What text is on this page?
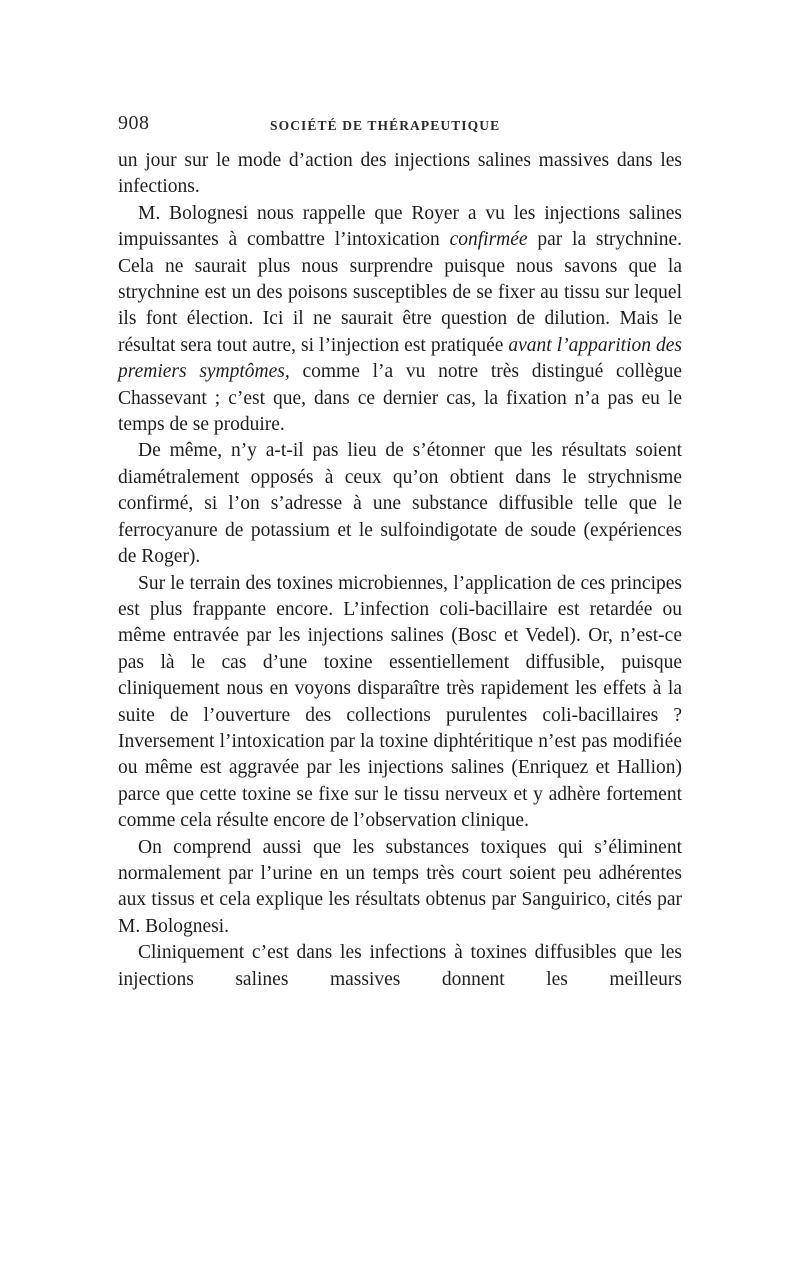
908	SOCIÉTÉ DE THÉRAPEUTIQUE

un jour sur le mode d’action des injections salines massives dans les infections.

M. Bolognesi nous rappelle que Royer a vu les injections salines impuissantes à combattre l’intoxication confirmée par la strychnine. Cela ne saurait plus nous surprendre puisque nous savons que la strychnine est un des poisons susceptibles de se fixer au tissu sur lequel ils font élection. Ici il ne saurait être question de dilution. Mais le résultat sera tout autre, si l’injection est pratiquée avant l’apparition des premiers symptômes, comme l’a vu notre très distingué collègue Chassevant ; c’est que, dans ce dernier cas, la fixation n’a pas eu le temps de se produire.

De même, n’y a-t-il pas lieu de s’étonner que les résultats soient diamétralement opposés à ceux qu’on obtient dans le strychnisme confirmé, si l’on s’adresse à une substance diffusible telle que le ferrocyanure de potassium et le sulfoindigotate de soude (expériences de Roger).

Sur le terrain des toxines microbiennes, l’application de ces principes est plus frappante encore. L’infection coli-bacillaire est retardée ou même entravée par les injections salines (Bosc et Vedel). Or, n’est-ce pas là le cas d’une toxine essentiellement diffusible, puisque cliniquement nous en voyons disparaître très rapidement les effets à la suite de l’ouverture des collections purulentes coli-bacillaires ? Inversement l’intoxication par la toxine diphtéritique n’est pas modifiée ou même est aggravée par les injections salines (Enriquez et Hallion) parce que cette toxine se fixe sur le tissu nerveux et y adhère fortement comme cela résulte encore de l’observation clinique.

On comprend aussi que les substances toxiques qui s’éliminent normalement par l’urine en un temps très court soient peu adhérentes aux tissus et cela explique les résultats obtenus par Sanguirico, cités par M. Bolognesi.

Cliniquement c’est dans les infections à toxines diffusibles que les injections salines massives donnent les meilleurs
